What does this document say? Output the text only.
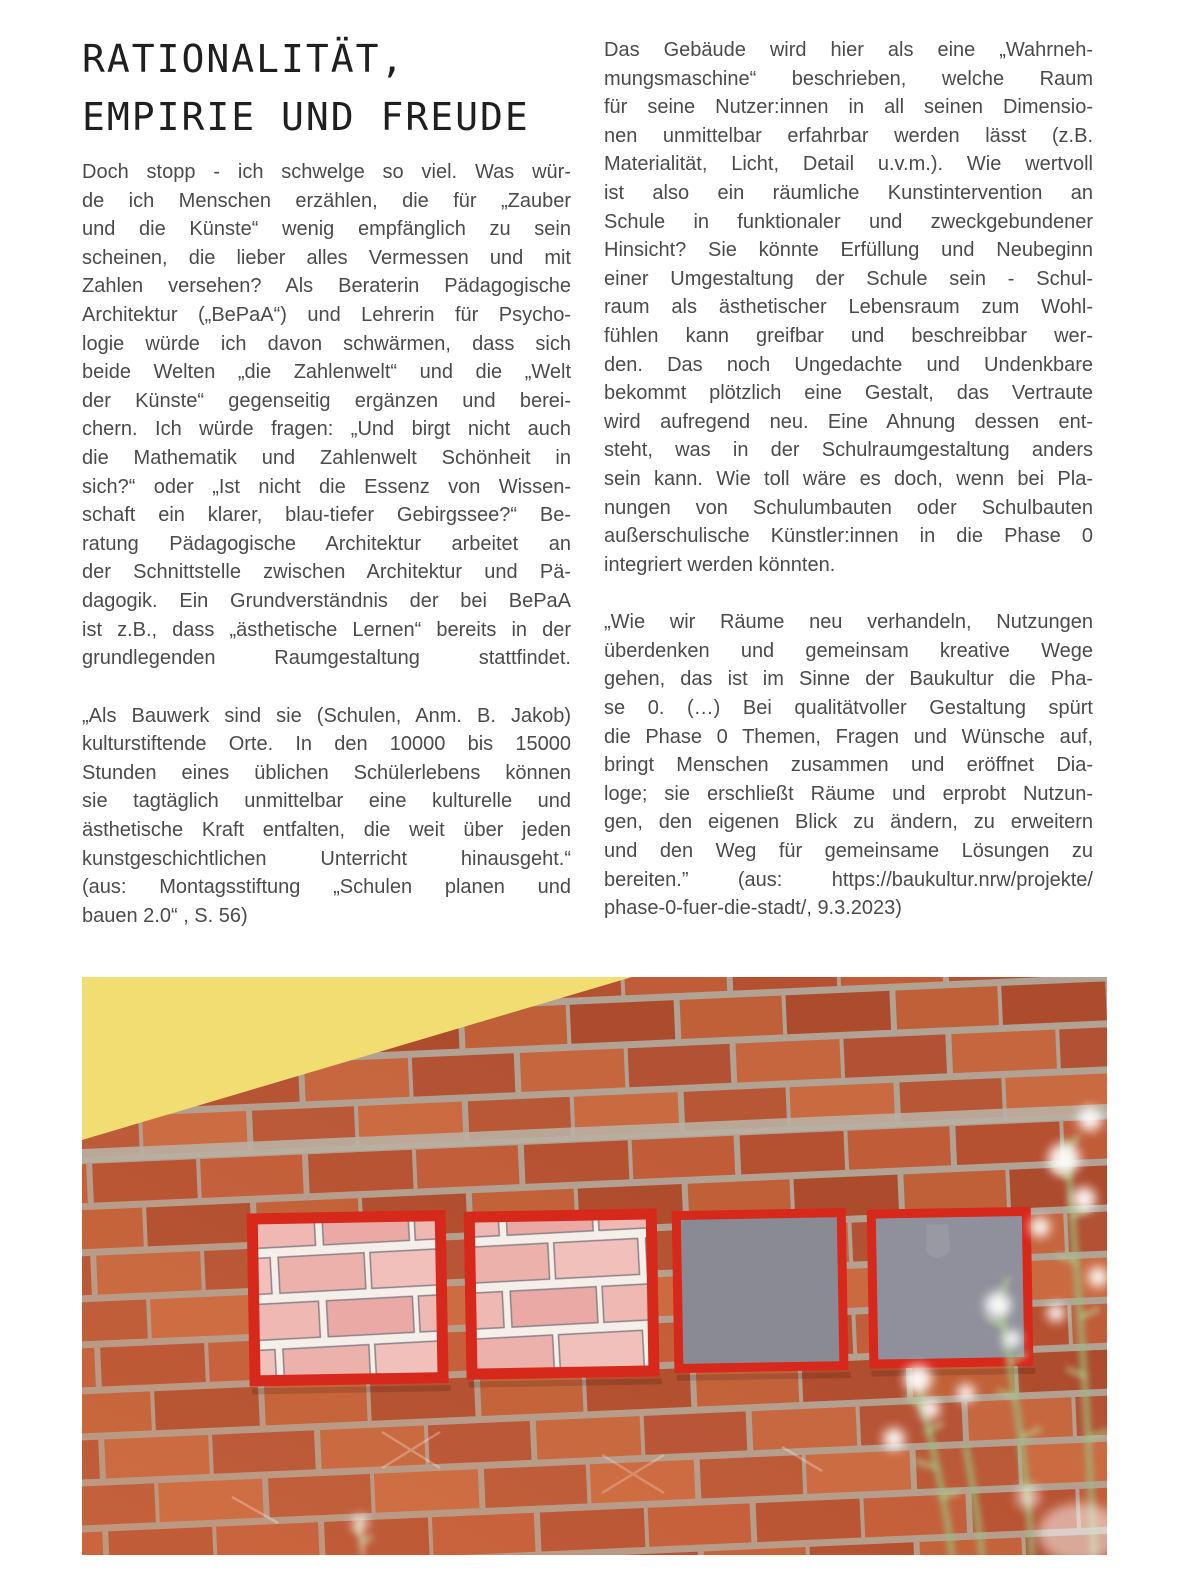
RATIONALITÄT,
EMPIRIE UND FREUDE
Doch stopp - ich schwelge so viel. Was wür-
de ich Menschen erzählen, die für „Zauber
und die Künste“ wenig empfänglich zu sein
scheinen, die lieber alles Vermessen und mit
Zahlen versehen? Als Beraterin Pädagogische
Architektur („BePaA“) und Lehrerin für Psycho-
logie würde ich davon schwärmen, dass sich
beide Welten „die Zahlenwelt“ und die „Welt
der Künste“ gegenseitig ergänzen und berei-
chern. Ich würde fragen: „Und birgt nicht auch
die Mathematik und Zahlenwelt Schönheit in
sich?“ oder „Ist nicht die Essenz von Wissen-
schaft ein klarer, blau-tiefer Gebirgssee?“ Be-
ratung Pädagogische Architektur arbeitet an
der Schnittstelle zwischen Architektur und Pä-
dagogik. Ein Grundverständnis der bei BePaA
ist z.B., dass „ästhetische Lernen“ bereits in der
grundlegenden Raumgestaltung stattfindet.
„Als Bauwerk sind sie (Schulen, Anm. B. Jakob)
kulturstiftende Orte. In den 10000 bis 15000
Stunden eines üblichen Schülerlebens können
sie tagtäglich unmittelbar eine kulturelle und
ästhetische Kraft entfalten, die weit über jeden
kunstgeschichtlichen Unterricht hinausgeht.“
(aus: Montagsstiftung „Schulen planen und
bauen 2.0“ , S. 56)
Das Gebäude wird hier als eine „Wahrneh-
mungsmaschine“ beschrieben, welche Raum
für seine Nutzer:innen in all seinen Dimensio-
nen unmittelbar erfahrbar werden lässt (z.B.
Materialität, Licht, Detail u.v.m.). Wie wertvoll
ist also ein räumliche Kunstintervention an
Schule in funktionaler und zweckgebundener
Hinsicht? Sie könnte Erfüllung und Neubeginn
einer Umgestaltung der Schule sein - Schul-
raum als ästhetischer Lebensraum zum Wohl-
fühlen kann greifbar und beschreibbar wer-
den. Das noch Ungedachte und Undenkbare
bekommt plötzlich eine Gestalt, das Vertraute
wird aufregend neu. Eine Ahnung dessen ent-
steht, was in der Schulraumgestaltung anders
sein kann. Wie toll wäre es doch, wenn bei Pla-
nungen von Schulumbauten oder Schulbauten
außerschulische Künstler:innen in die Phase 0
integriert werden könnten.
„Wie wir Räume neu verhandeln, Nutzungen
überdenken und gemeinsam kreative Wege
gehen, das ist im Sinne der Baukultur die Pha-
se 0. (…) Bei qualitätvoller Gestaltung spürt
die Phase 0 Themen, Fragen und Wünsche auf,
bringt Menschen zusammen und eröffnet Dia-
loge; sie erschließt Räume und erprobt Nutzun-
gen, den eigenen Blick zu ändern, zu erweitern
und den Weg für gemeinsame Lösungen zu
bereiten.” (aus: https://baukultur.nrw/projekte/
phase-0-fuer-die-stadt/, 9.3.2023)
